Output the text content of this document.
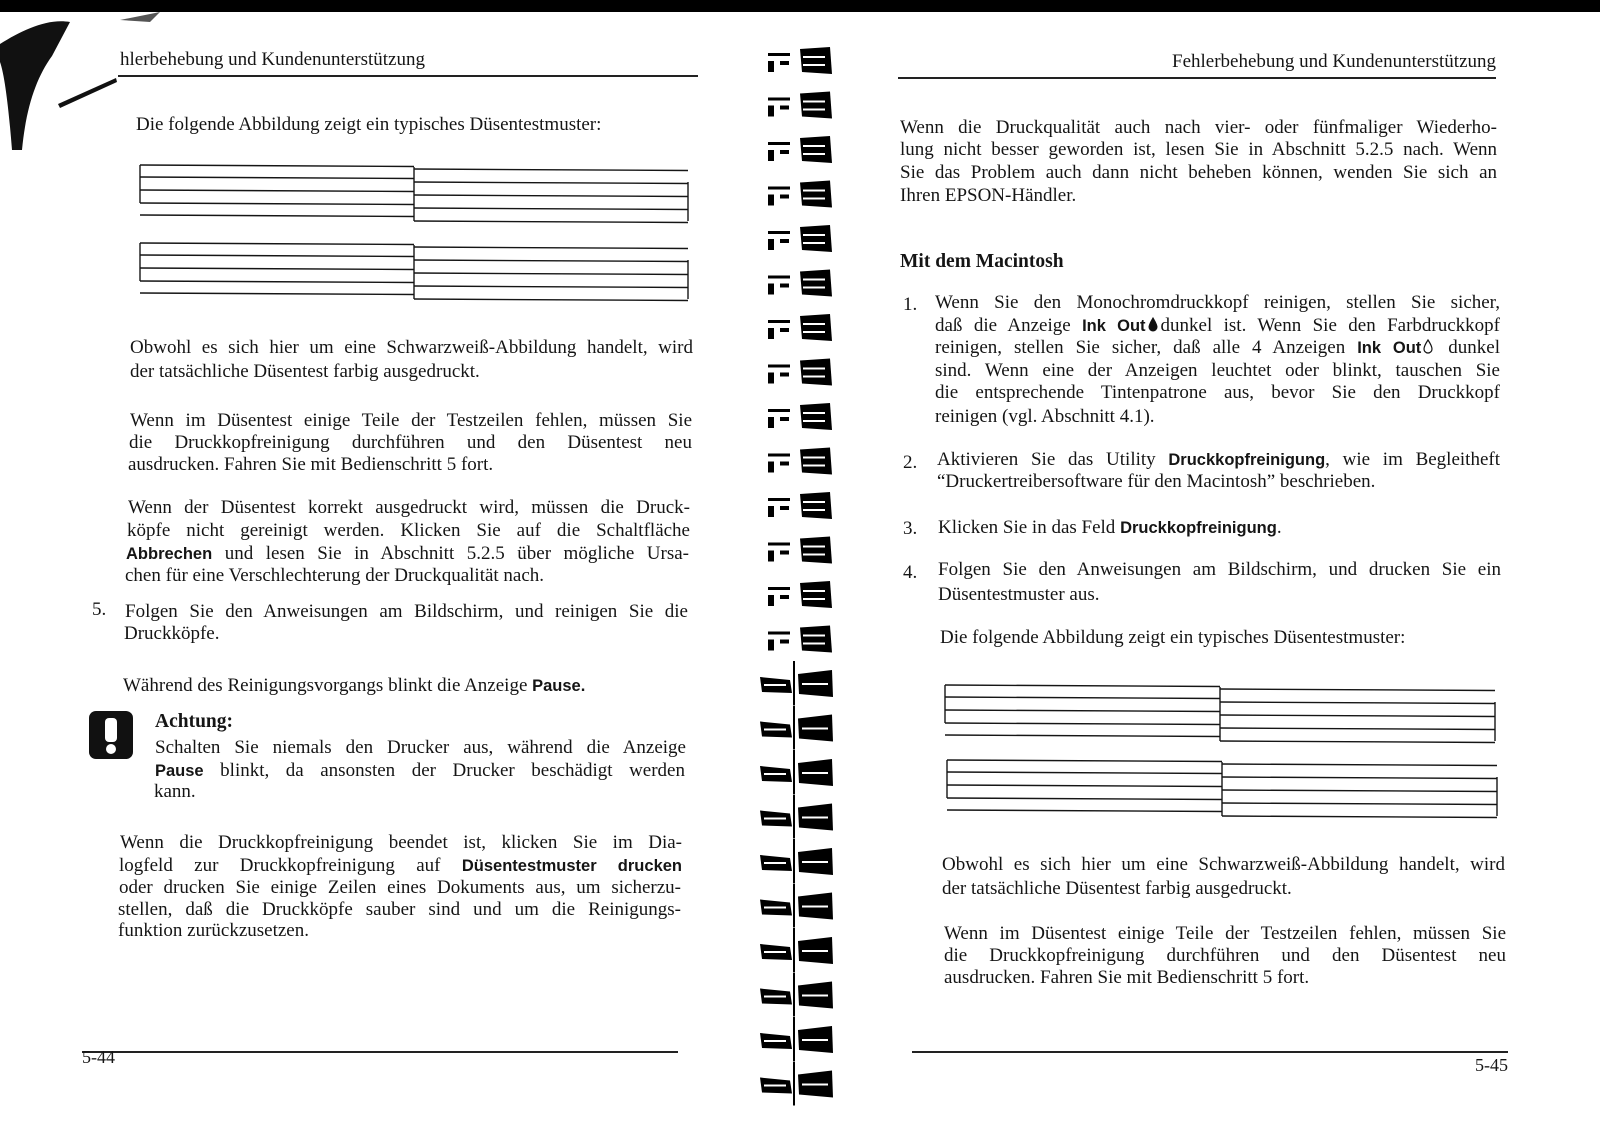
hlerbehebung und Kundenunterstützung
Die folgende Abbildung zeigt ein typisches Düsentestmuster:
Obwohl es sich hier um eine Schwarzweiß-Abbildung handelt, wird
der tatsächliche Düsentest farbig ausgedruckt.
Wenn im Düsentest einige Teile der Testzeilen fehlen, müssen Sie
die Druckkopfreinigung durchführen und den Düsentest neu
ausdrucken. Fahren Sie mit Bedienschritt 5 fort.
Wenn der Düsentest korrekt ausgedruckt wird, müssen die Druck-
köpfe nicht gereinigt werden. Klicken Sie auf die Schaltfläche
Abbrechen und lesen Sie in Abschnitt 5.2.5 über mögliche Ursa-
chen für eine Verschlechterung der Druckqualität nach.
5. Folgen Sie den Anweisungen am Bildschirm, und reinigen Sie die
Druckköpfe.
Während des Reinigungsvorgangs blinkt die Anzeige Pause.
Achtung:
Schalten Sie niemals den Drucker aus, während die Anzeige
Pause blinkt, da ansonsten der Drucker beschädigt werden
kann.
Wenn die Druckkopfreinigung beendet ist, klicken Sie im Dia-
logfeld zur Druckkopfreinigung auf Düsentestmuster drucken
oder drucken Sie einige Zeilen eines Dokuments aus, um sicherzu-
stellen, daß die Druckköpfe sauber sind und um die Reinigungs-
funktion zurückzusetzen.
5-44
Fehlerbehebung und Kundenunterstützung
Wenn die Druckqualität auch nach vier- oder fünfmaliger Wiederho-
lung nicht besser geworden ist, lesen Sie in Abschnitt 5.2.5 nach. Wenn
Sie das Problem auch dann nicht beheben können, wenden Sie sich an
Ihren EPSON-Händler.
Mit dem Macintosh
1. Wenn Sie den Monochromdruckkopf reinigen, stellen Sie sicher,
daß die Anzeige Ink Out dunkel ist. Wenn Sie den Farbdruckkopf
reinigen, stellen Sie sicher, daß alle 4 Anzeigen Ink Out dunkel
sind. Wenn eine der Anzeigen leuchtet oder blinkt, tauschen Sie
die entsprechende Tintenpatrone aus, bevor Sie den Druckkopf
reinigen (vgl. Abschnitt 4.1).
2. Aktivieren Sie das Utility Druckkopfreinigung, wie im Begleitheft
“Druckertreibersoftware für den Macintosh” beschrieben.
3. Klicken Sie in das Feld Druckkopfreinigung.
4. Folgen Sie den Anweisungen am Bildschirm, und drucken Sie ein
Düsentestmuster aus.
Die folgende Abbildung zeigt ein typisches Düsentestmuster:
Obwohl es sich hier um eine Schwarzweiß-Abbildung handelt, wird
der tatsächliche Düsentest farbig ausgedruckt.
Wenn im Düsentest einige Teile der Testzeilen fehlen, müssen Sie
die Druckkopfreinigung durchführen und den Düsentest neu
ausdrucken. Fahren Sie mit Bedienschritt 5 fort.
5-45
